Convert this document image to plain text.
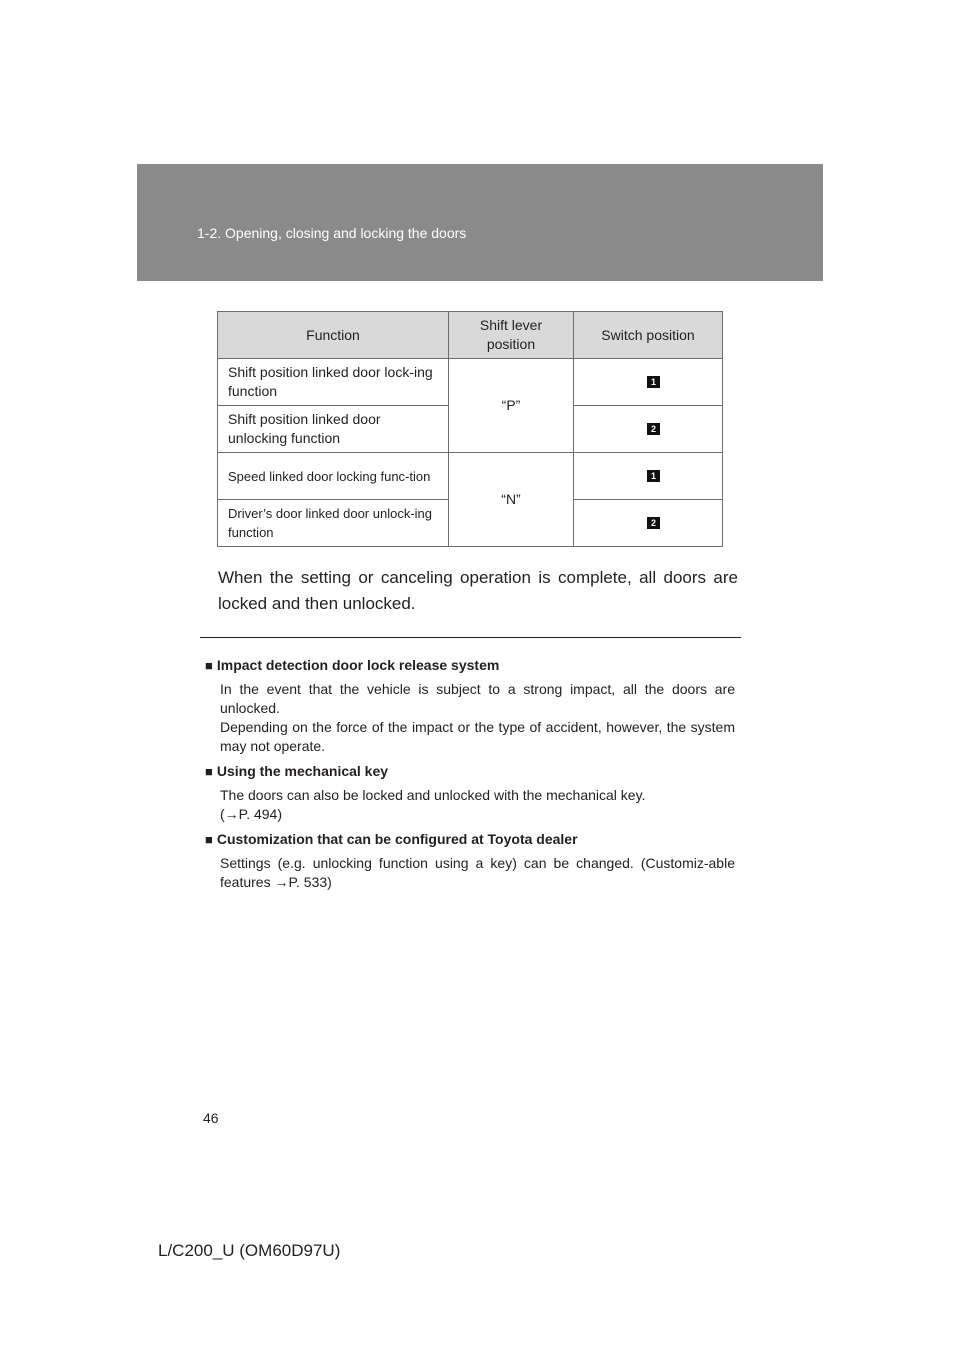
1-2. Opening, closing and locking the doors
Function	Shift lever position	Switch position
Shift position linked door lock-ing function	“P”	1

Shift position linked door unlocking function		2

Speed linked door locking func-tion	“N”	1

Driver’s door linked door unlock-ing function		2
When the setting or canceling operation is complete, all doors are locked and then unlocked.
■ Impact detection door lock release system

In the event that the vehicle is subject to a strong impact, all the doors are unlocked.

Depending on the force of the impact or the type of accident, however, the system may not operate.

■ Using the mechanical key

The doors can also be locked and unlocked with the mechanical key.

(→P. 494)

■ Customization that can be configured at Toyota dealer

Settings (e.g. unlocking function using a key) can be changed. (Customiz-able features →P. 533)

46
L/C200_U (OM60D97U)
